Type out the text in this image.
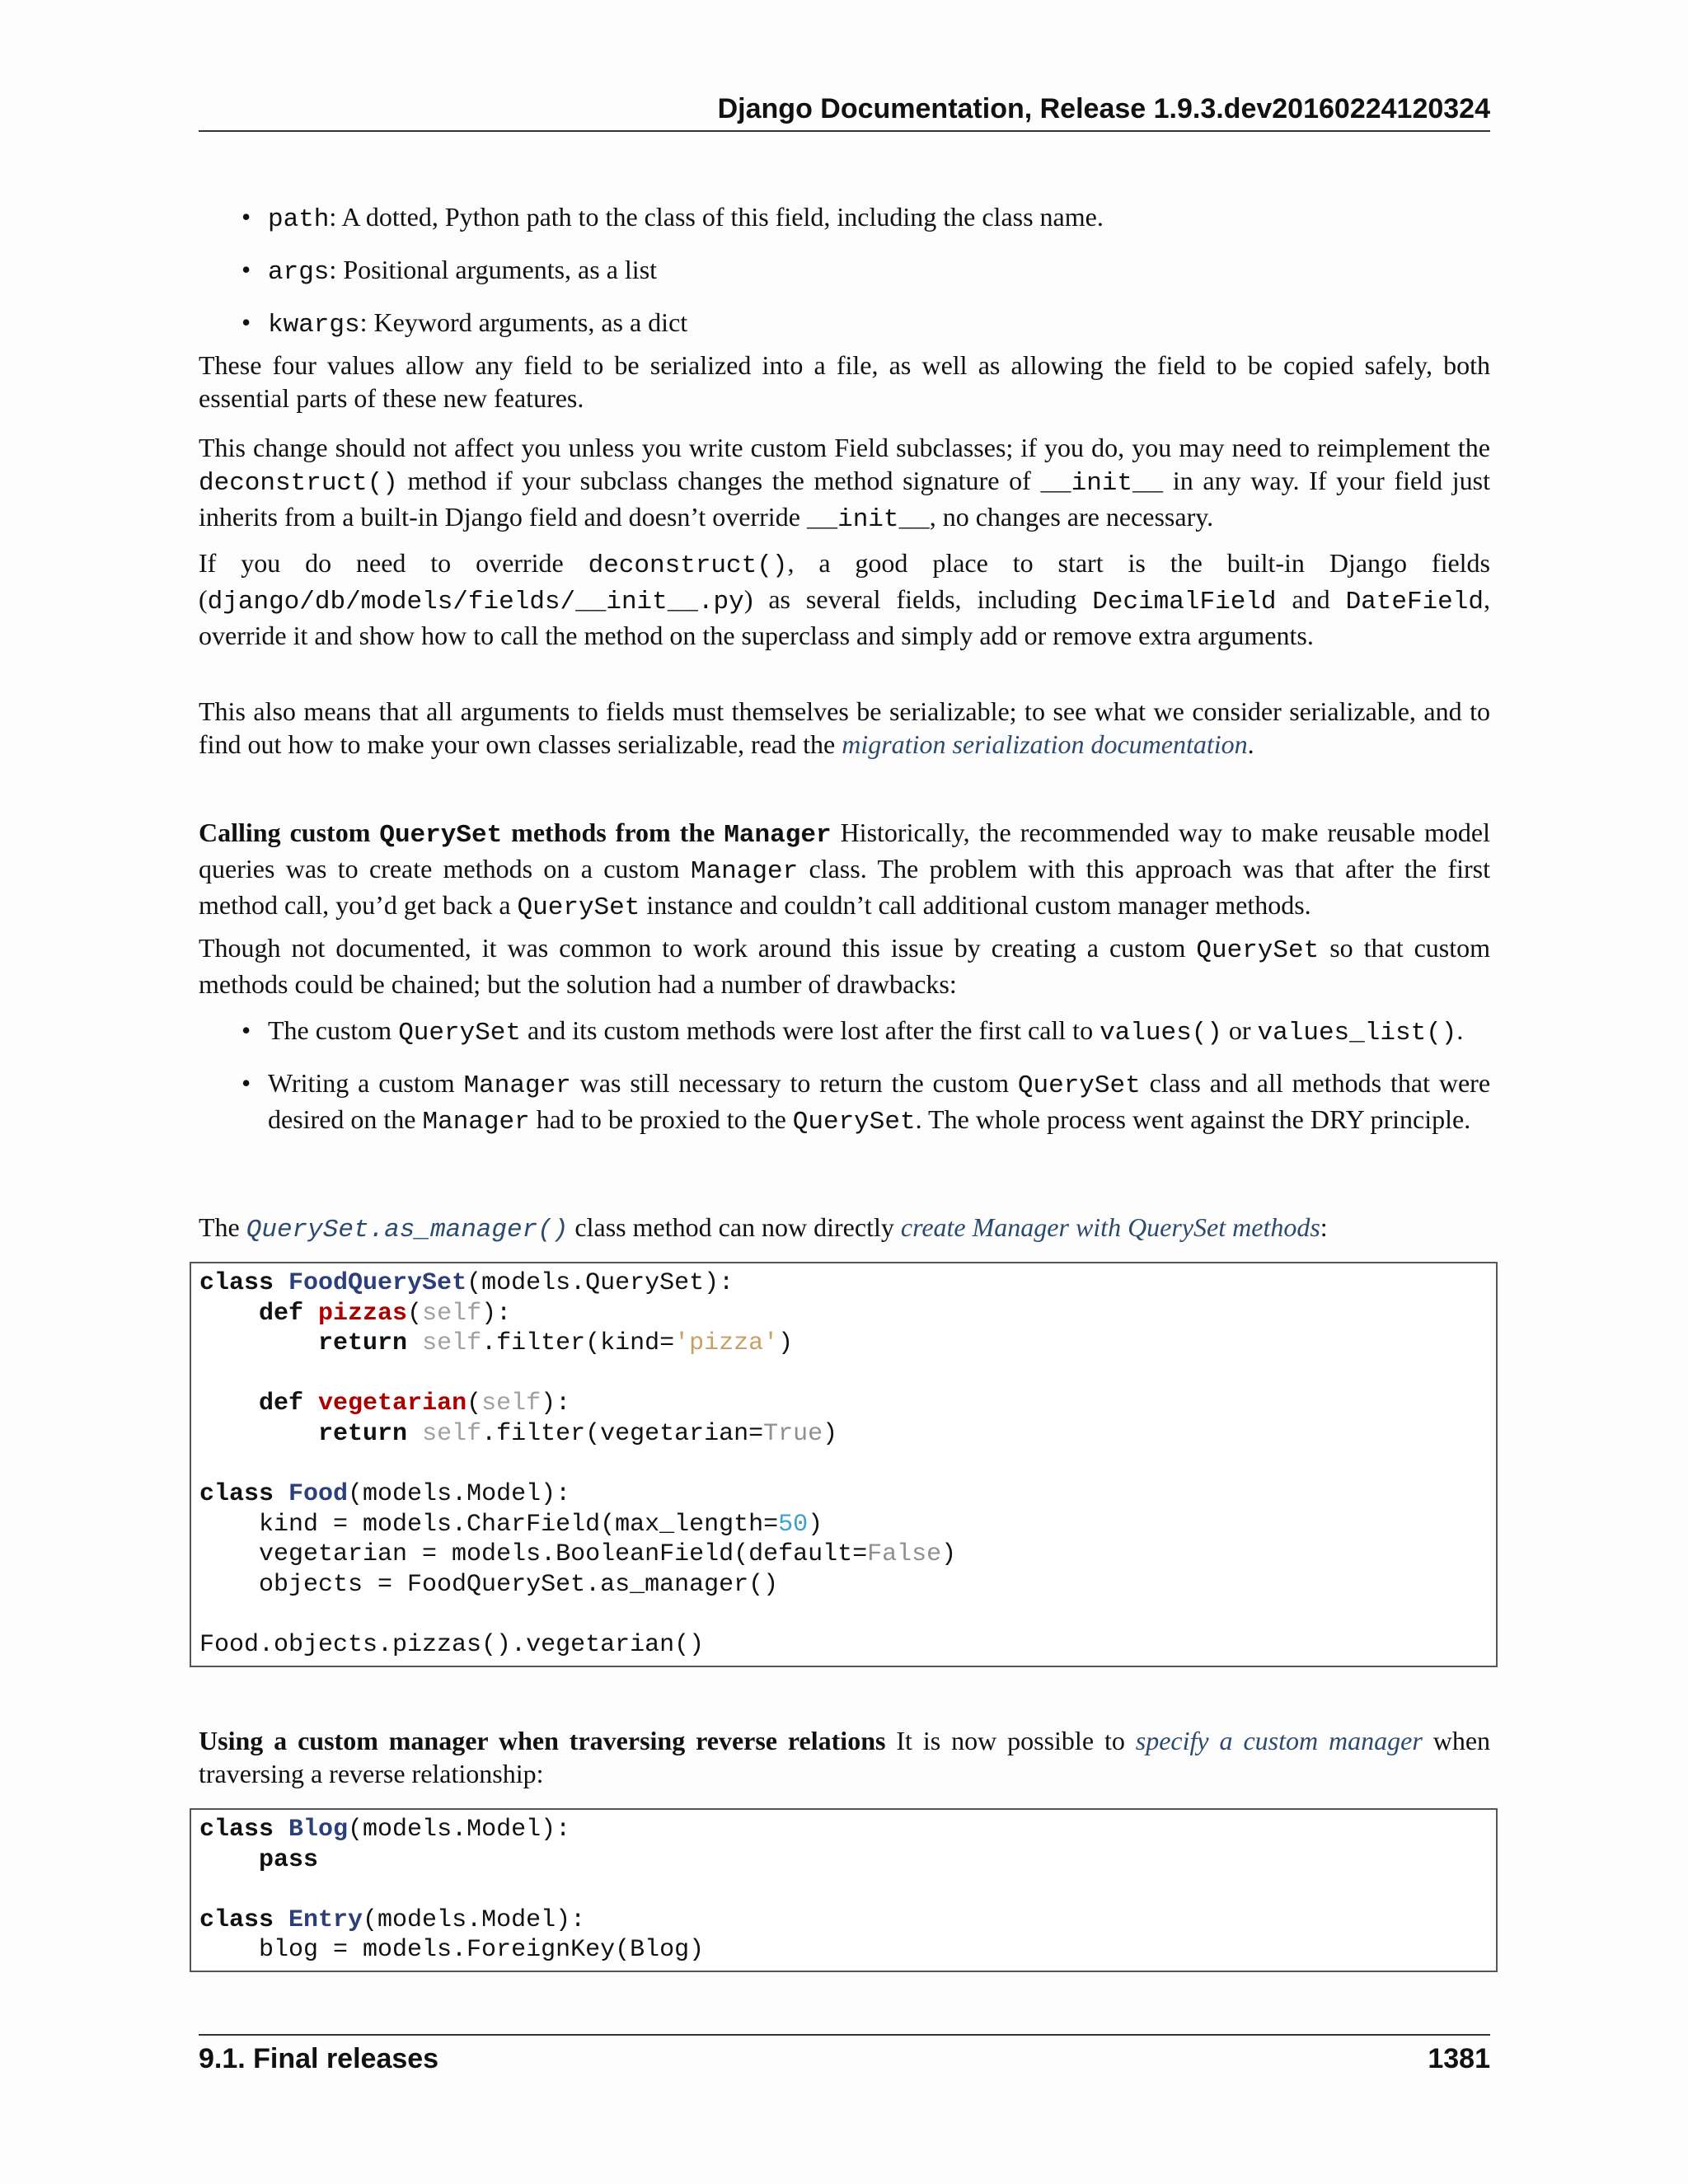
Django Documentation, Release 1.9.3.dev20160224120324
• path: A dotted, Python path to the class of this field, including the class name.
• args: Positional arguments, as a list
• kwargs: Keyword arguments, as a dict

These four values allow any field to be serialized into a file, as well as allowing the field to be copied safely, both essential parts of these new features.

This change should not affect you unless you write custom Field subclasses; if you do, you may need to reimplement the deconstruct() method if your subclass changes the method signature of __init__ in any way. If your field just inherits from a built-in Django field and doesn’t override __init__, no changes are necessary.

If you do need to override deconstruct(), a good place to start is the built-in Django fields (django/db/models/fields/__init__.py) as several fields, including DecimalField and DateField, override it and show how to call the method on the superclass and simply add or remove extra arguments.

This also means that all arguments to fields must themselves be serializable; to see what we consider serializable, and to find out how to make your own classes serializable, read the migration serialization documentation.

Calling custom QuerySet methods from the Manager Historically, the recommended way to make reusable model queries was to create methods on a custom Manager class. The problem with this approach was that after the first method call, you’d get back a QuerySet instance and couldn’t call additional custom manager methods.

Though not documented, it was common to work around this issue by creating a custom QuerySet so that custom methods could be chained; but the solution had a number of drawbacks:

• The custom QuerySet and its custom methods were lost after the first call to values() or values_list().
• Writing a custom Manager was still necessary to return the custom QuerySet class and all methods that were desired on the Manager had to be proxied to the QuerySet. The whole process went against the DRY principle.

The QuerySet.as_manager() class method can now directly create Manager with QuerySet methods:

class FoodQuerySet(models.QuerySet):
def pizzas(self):
return self.filter(kind='pizza')

def vegetarian(self):
return self.filter(vegetarian=True)

class Food(models.Model):
kind = models.CharField(max_length=50)
vegetarian = models.BooleanField(default=False)
objects = FoodQuerySet.as_manager()

Food.objects.pizzas().vegetarian()

Using a custom manager when traversing reverse relations It is now possible to specify a custom manager when traversing a reverse relationship:

class Blog(models.Model):
pass

class Entry(models.Model):
blog = models.ForeignKey(Blog)
9.1. Final releases	1381
